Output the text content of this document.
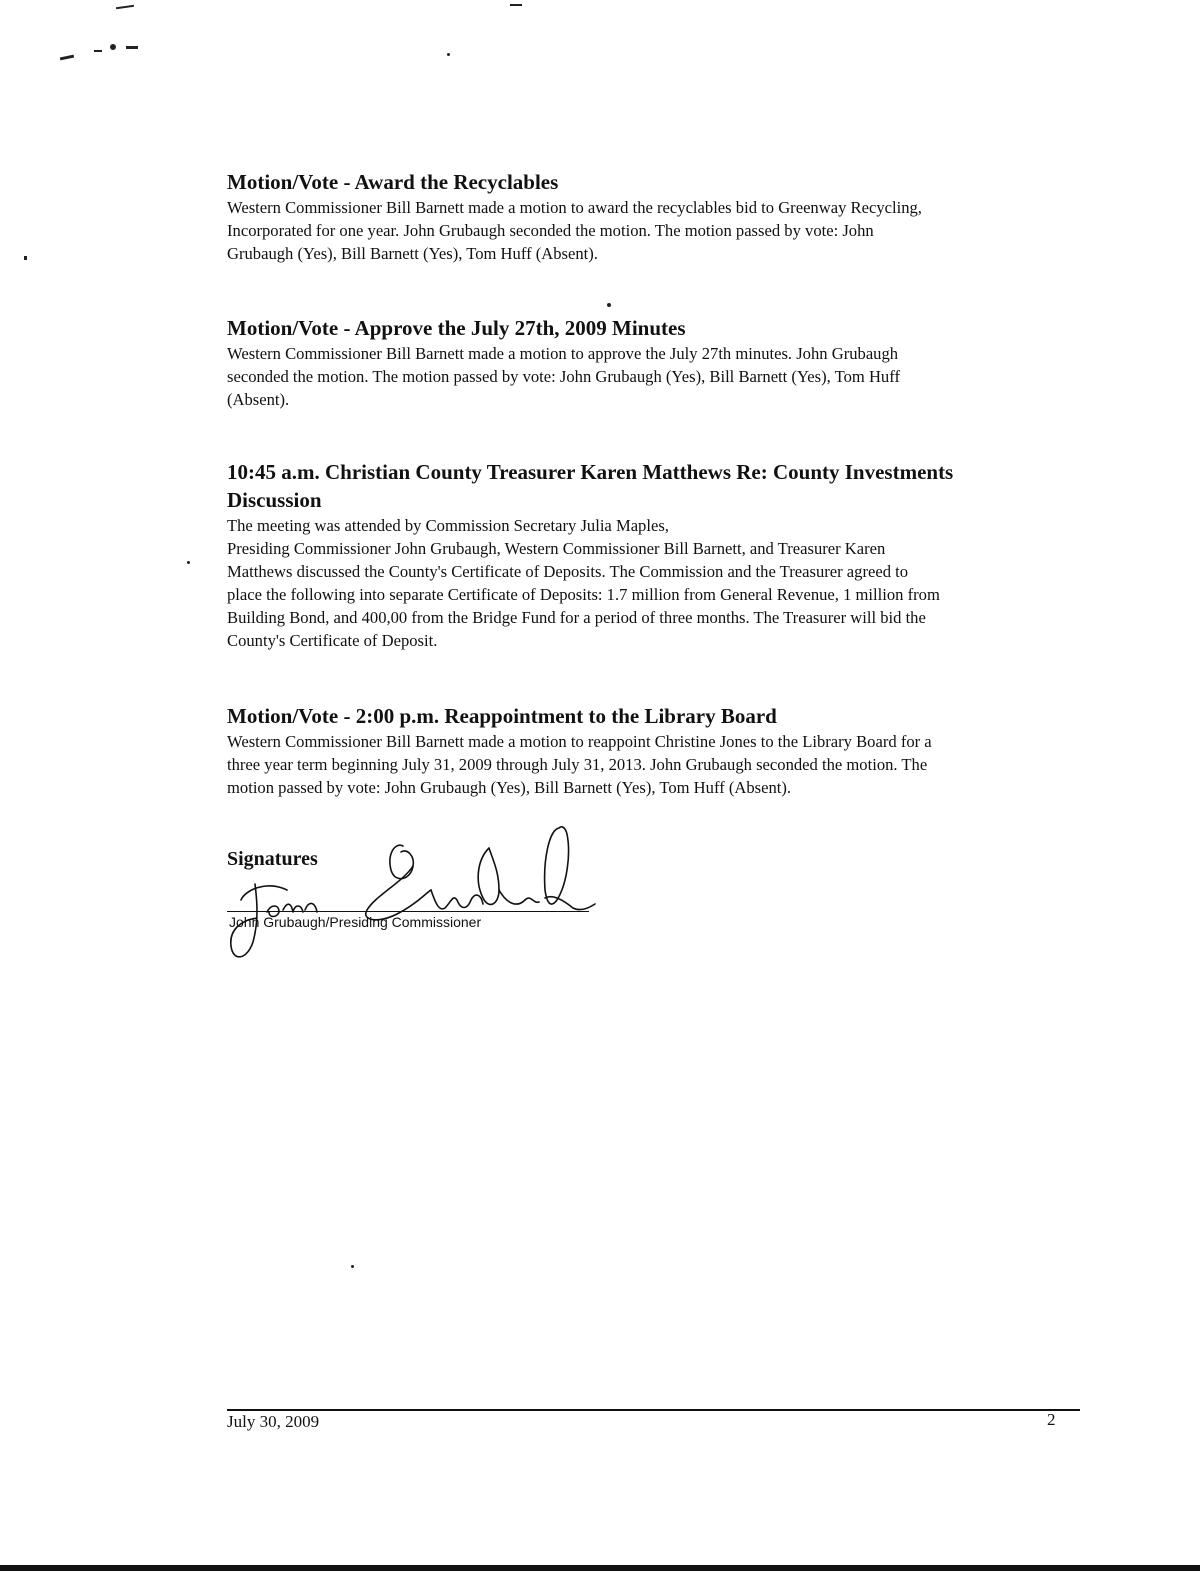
Motion/Vote - Award the Recyclables

Western Commissioner Bill Barnett made a motion to award the recyclables bid to Greenway Recycling,

Incorporated for one year. John Grubaugh seconded the motion. The motion passed by vote: John

Grubaugh (Yes), Bill Barnett (Yes), Tom Huff (Absent).

Motion/Vote - Approve the July 27th, 2009 Minutes

Western Commissioner Bill Barnett made a motion to approve the July 27th minutes. John Grubaugh

seconded the motion. The motion passed by vote: John Grubaugh (Yes), Bill Barnett (Yes), Tom Huff

(Absent).

10:45 a.m. Christian County Treasurer Karen Matthews Re: County Investments

Discussion

The meeting was attended by Commission Secretary Julia Maples,

Presiding Commissioner John Grubaugh, Western Commissioner Bill Barnett, and Treasurer Karen

Matthews discussed the County's Certificate of Deposits. The Commission and the Treasurer agreed to

place the following into separate Certificate of Deposits: 1.7 million from General Revenue, 1 million from

Building Bond, and 400,00 from the Bridge Fund for a period of three months. The Treasurer will bid the

County's Certificate of Deposit.

Motion/Vote - 2:00 p.m. Reappointment to the Library Board

Western Commissioner Bill Barnett made a motion to reappoint Christine Jones to the Library Board for a

three year term beginning July 31, 2009 through July 31, 2013. John Grubaugh seconded the motion. The

motion passed by vote: John Grubaugh (Yes), Bill Barnett (Yes), Tom Huff (Absent).

Signatures
John Grubaugh/Presiding Commissioner
July 30, 2009	2
